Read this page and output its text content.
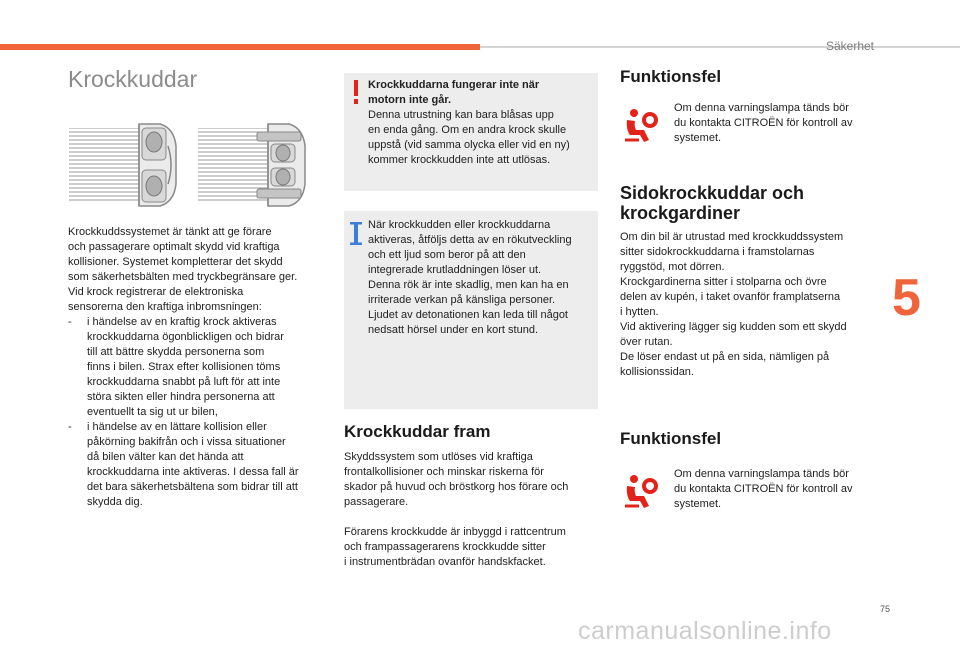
Säkerhet
5
75
carmanualsonline.info
Krockkuddar

Krockkuddssystemet är tänkt att ge förare

och passagerare optimalt skydd vid kraftiga

kollisioner. Systemet kompletterar det skydd

som säkerhetsbälten med tryckbegränsare ger.

Vid krock registrerar de elektroniska

sensorerna den kraftiga inbromsningen:

- i händelse av en kraftig krock aktiveras

krockkuddarna ögonblickligen och bidrar

till att bättre skydda personerna som

finns i bilen. Strax efter kollisionen töms

krockkuddarna snabbt på luft för att inte

störa sikten eller hindra personerna att

eventuellt ta sig ut ur bilen,

- i händelse av en lättare kollision eller

påkörning bakifrån och i vissa situationer

då bilen välter kan det hända att

krockkuddarna inte aktiveras. I dessa fall är

det bara säkerhetsbältena som bidrar till att

skydda dig.

Krockkuddarna fungerar inte när

motorn inte går.

Denna utrustning kan bara blåsas upp

en enda gång. Om en andra krock skulle

uppstå (vid samma olycka eller vid en ny)

kommer krockkudden inte att utlösas.

När krockkudden eller krockkuddarna

aktiveras, åtföljs detta av en rökutveckling

och ett ljud som beror på att den

integrerade krutladdningen löser ut.

Denna rök är inte skadlig, men kan ha en

irriterade verkan på känsliga personer.

Ljudet av detonationen kan leda till något

nedsatt hörsel under en kort stund.

Krockkuddar fram

Skyddssystem som utlöses vid kraftiga

frontalkollisioner och minskar riskerna för

skador på huvud och bröstkorg hos förare och

passagerare.

Förarens krockkudde är inbyggd i rattcentrum

och frampassagerarens krockkudde sitter

i instrumentbrädan ovanför handskfacket.

Funktionsfel

Om denna varningslampa tänds bör

du kontakta CITROËN för kontroll av

systemet.

Sidokrockkuddar och

krockgardiner

Om din bil är utrustad med krockkuddssystem

sitter sidokrockkuddarna i framstolarnas

ryggstöd, mot dörren.

Krockgardinerna sitter i stolparna och övre

delen av kupén, i taket ovanför framplatserna

i hytten.

Vid aktivering lägger sig kudden som ett skydd

över rutan.

De löser endast ut på en sida, nämligen på

kollisionssidan.

Funktionsfel

Om denna varningslampa tänds bör

du kontakta CITROËN för kontroll av

systemet.
